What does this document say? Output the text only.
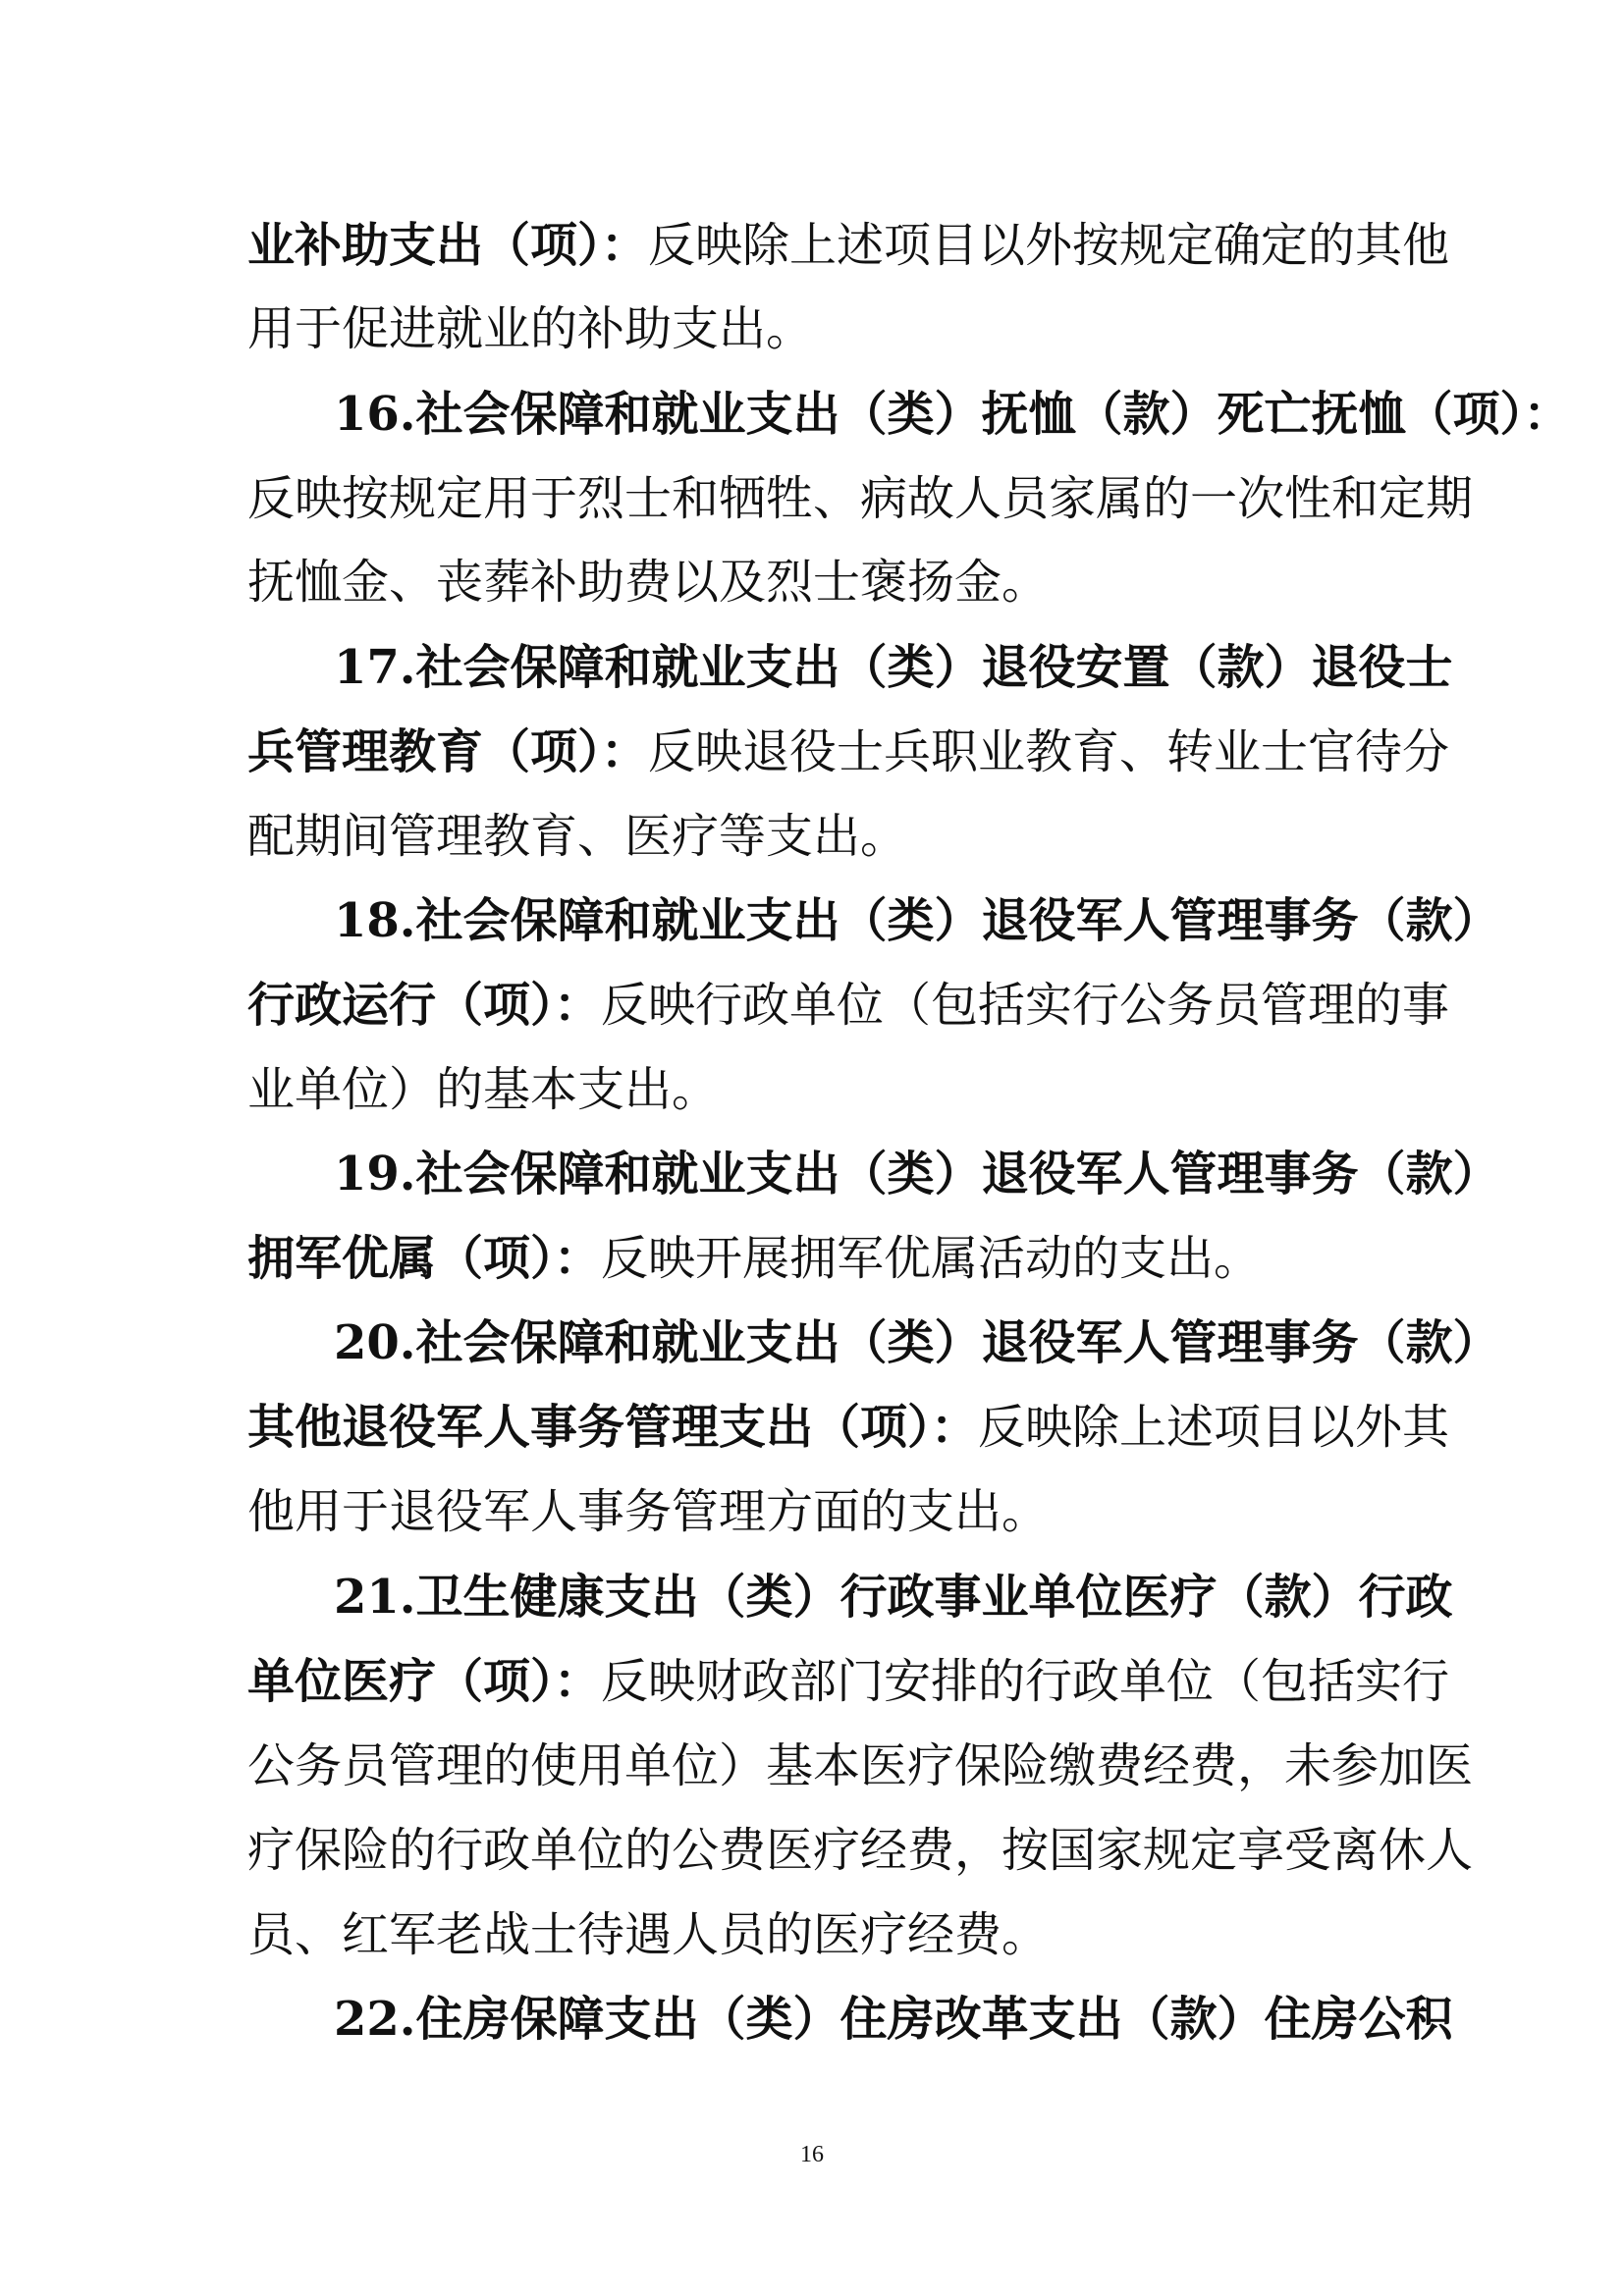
业补助支出（项）：反映除上述项目以外按规定确定的其他
用于促进就业的补助支出。
16.社会保障和就业支出（类）抚恤（款）死亡抚恤（项）：
反映按规定用于烈士和牺牲、病故人员家属的一次性和定期
抚恤金、丧葬补助费以及烈士褒扬金。
17.社会保障和就业支出（类）退役安置（款）退役士
兵管理教育（项）：反映退役士兵职业教育、转业士官待分
配期间管理教育、医疗等支出。
18.社会保障和就业支出（类）退役军人管理事务（款）
行政运行（项）：反映行政单位（包括实行公务员管理的事
业单位）的基本支出。
19.社会保障和就业支出（类）退役军人管理事务（款）
拥军优属（项）：反映开展拥军优属活动的支出。
20.社会保障和就业支出（类）退役军人管理事务（款）
其他退役军人事务管理支出（项）：反映除上述项目以外其
他用于退役军人事务管理方面的支出。
21.卫生健康支出（类）行政事业单位医疗（款）行政
单位医疗（项）：反映财政部门安排的行政单位（包括实行
公务员管理的使用单位）基本医疗保险缴费经费，未参加医
疗保险的行政单位的公费医疗经费，按国家规定享受离休人
员、红军老战士待遇人员的医疗经费。
22.住房保障支出（类）住房改革支出（款）住房公积
16
